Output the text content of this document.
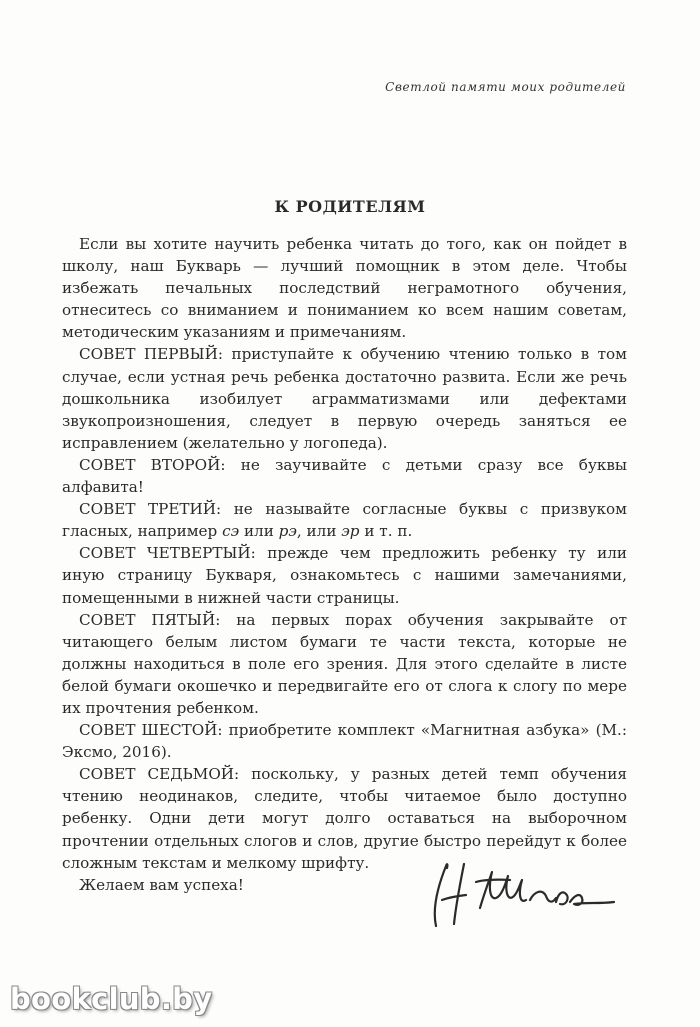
Светлой памяти моих родителей
К РОДИТЕЛЯМ

Если вы хотите научить ребенка читать до того, как он пойдет в школу, наш Букварь — лучший помощник в этом деле. Чтобы избежать печальных последствий неграмотного обучения, отнеситесь со вниманием и пониманием ко всем нашим советам, методическим указаниям и примечаниям.

СОВЕТ ПЕРВЫЙ: приступайте к обучению чтению только в том случае, если устная речь ребенка достаточно развита. Если же речь дошкольника изобилует аграмматизмами или дефектами звукопроизношения, следует в первую очередь заняться ее исправлением (желательно у логопеда).

СОВЕТ ВТОРОЙ: не заучивайте с детьми сразу все буквы алфавита!

СОВЕТ ТРЕТИЙ: не называйте согласные буквы с призвуком гласных, например сэ или рэ, или эр и т. п.

СОВЕТ ЧЕТВЕРТЫЙ: прежде чем предложить ребенку ту или иную страницу Букваря, ознакомьтесь с нашими замечаниями, помещенными в нижней части страницы.

СОВЕТ ПЯТЫЙ: на первых порах обучения закрывайте от читающего белым листом бумаги те части текста, которые не должны находиться в поле его зрения. Для этого сделайте в листе белой бумаги окошечко и передвигайте его от слога к слогу по мере их прочтения ребенком.

СОВЕТ ШЕСТОЙ: приобретите комплект «Магнитная азбука» (М.: Эксмо, 2016).

СОВЕТ СЕДЬМОЙ: поскольку, у разных детей темп обучения чтению неодинаков, следите, чтобы читаемое было доступно ребенку. Одни дети могут долго оставаться на выборочном прочтении отдельных слогов и слов, другие быстро перейдут к более сложным текстам и мелкому шрифту.

Желаем вам успеха!

bookclub.by
